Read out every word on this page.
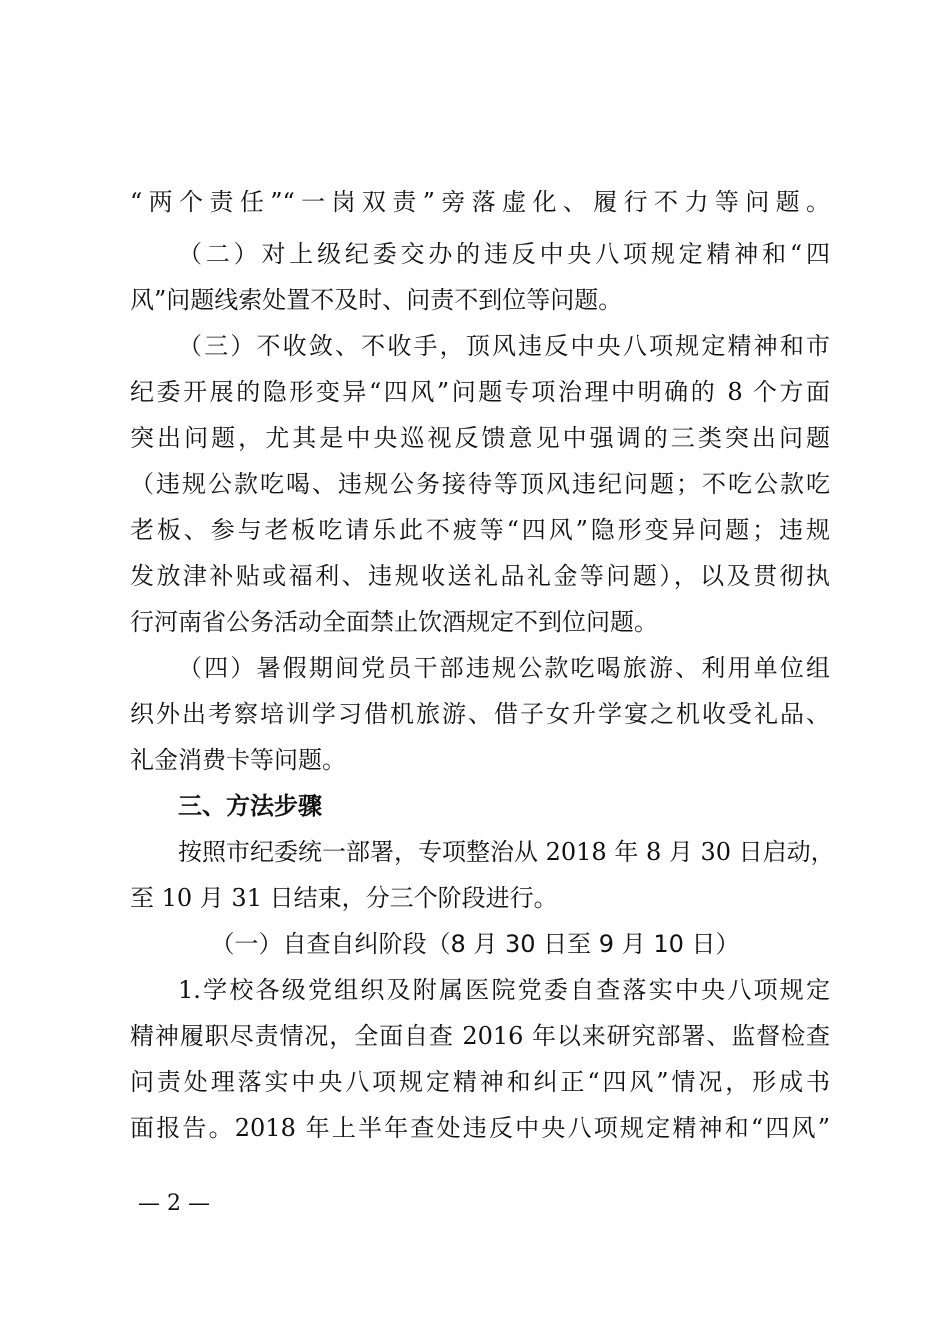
“两个责任”“一岗双责”旁落虚化、履行不力等问题。
（二）对上级纪委交办的违反中央八项规定精神和“四
风”问题线索处置不及时、问责不到位等问题。
（三）不收敛、不收手，顶风违反中央八项规定精神和市
纪委开展的隐形变异“四风”问题专项治理中明确的 8 个方面
突出问题，尤其是中央巡视反馈意见中强调的三类突出问题
（违规公款吃喝、违规公务接待等顶风违纪问题；不吃公款吃
老板、参与老板吃请乐此不疲等“四风”隐形变异问题；违规
发放津补贴或福利、违规收送礼品礼金等问题），以及贯彻执
行河南省公务活动全面禁止饮酒规定不到位问题。
（四）暑假期间党员干部违规公款吃喝旅游、利用单位组
织外出考察培训学习借机旅游、借子女升学宴之机收受礼品、
礼金消费卡等问题。
三、方法步骤
按照市纪委统一部署，专项整治从 2018 年 8 月 30 日启动，
至 10 月 31 日结束，分三个阶段进行。
（一）自查自纠阶段（8 月 30 日至 9 月 10 日）
1.学校各级党组织及附属医院党委自查落实中央八项规定
精神履职尽责情况，全面自查 2016 年以来研究部署、监督检查
问责处理落实中央八项规定精神和纠正“四风”情况，形成书
面报告。2018 年上半年查处违反中央八项规定精神和“四风”
— 2 —
